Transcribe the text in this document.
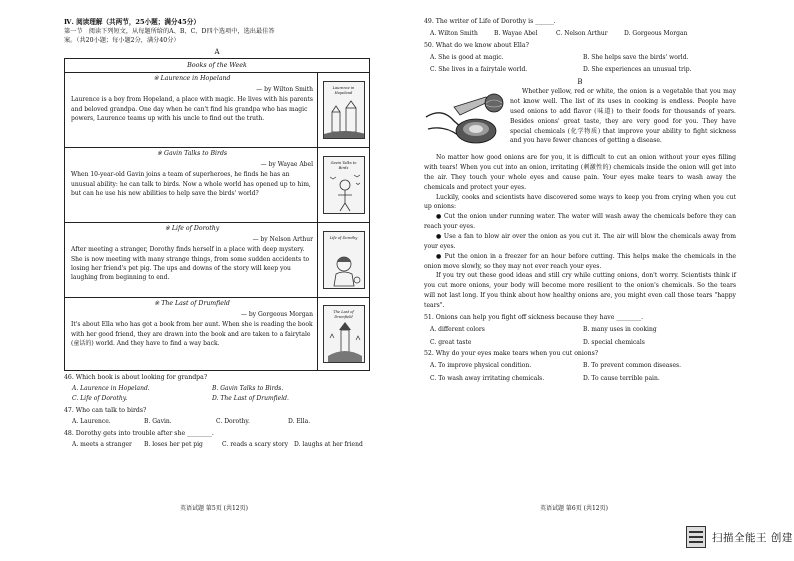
Ⅳ. 阅读理解（共两节，25小题；满分45分）
第一节　阅读下列短文，从每题所给的A、B、C、D四个选项中，选出最佳答
案。（共20小题；每小题2分，满分40分）
A
Books of the Week
※ Laurence in Hopeland
— by Wilton Smith
Laurence is a boy from Hopeland, a place with magic. He lives with his parents and beloved grandpa. One day when he can't find his grandpa who has magic powers, Laurence teams up with his uncle to find out the truth.
Laurence in Hopeland
※ Gavin Talks to Birds
— by Wayae Abel
When 10-year-old Gavin joins a team of superheroes, he finds he has an unusual ability: he can talk to birds. Now a whole world has opened up to him, but can he use his new abilities to help save the birds' world?
Gavin Talks to Birds
※ Life of Dorothy
— by Nelson Arthur
After meeting a stranger, Dorothy finds herself in a place with deep mystery. She is now meeting with many strange things, from some sudden accidents to losing her friend's pet pig. The ups and downs of the story will keep you laughing from beginning to end.
Life of Dorothy
※ The Last of Drumfield
— by Gorgeous Morgan
It's about Ella who has got a book from her aunt. When she is reading the book with her good friend, they are drawn into the book and are taken to a fairytale (童话的) world. And they have to find a way back.
The Last of Drumfield
46. Which book is about looking for grandpa?
A. Laurence in Hopeland.	B. Gavin Talks to Birds.
C. Life of Dorothy.	D. The Last of Drumfield.
47. Who can talk to birds?
A. Laurence.	B. Gavin.	C. Dorothy.	D. Ella.
48. Dorothy gets into trouble after she ________.
A. meets a stranger	B. loses her pet pig	C. reads a scary story D. laughs at her friend
49. The writer of Life of Dorothy is ______.
A. Wilton Smith	B. Wayae Abel	C. Nelson Arthur	D. Gorgeous Morgan
50. What do we know about Ella?
A. She is good at magic.	B. She helps save the birds' world.
C. She lives in a fairytale world.	D. She experiences an unusual trip.
B

Whether yellow, red or white, the onion is a vegetable that you may not know well. The list of its uses in cooking is endless. People have used onions to add flavor (味道) to their foods for thousands of years. Besides onions' great taste, they are very good for you. They have special chemicals (化学物质) that improve your ability to fight sickness and you have fewer chances of getting a disease.

No matter how good onions are for you, it is difficult to cut an onion without your eyes filling with tears! When you cut into an onion, irritating (刺激性的) chemicals inside the onion will get into the air. They touch your whole eyes and cause pain. Your eyes make tears to wash away the chemicals and protect your eyes.

Luckily, cooks and scientists have discovered some ways to keep you from crying when you cut up onions:

● Cut the onion under running water. The water will wash away the chemicals before they can reach your eyes.

● Use a fan to blow air over the onion as you cut it. The air will blow the chemicals away from your eyes.

● Put the onion in a freezer for an hour before cutting. This helps make the chemicals in the onion move slowly, so they may not ever reach your eyes.

If you try out these good ideas and still cry while cutting onions, don't worry. Scientists think if you cut more onions, your body will become more resilient to the onion's chemicals. So the tears will not last long. If you think about how healthy onions are, you might even call those tears "happy tears".

51. Onions can help you fight off sickness because they have ________.
A. different colors	B. many uses in cooking
C. great taste	D. special chemicals
52. Why do your eyes make tears when you cut onions?
A. To improve physical condition.	B. To prevent common diseases.
C. To wash away irritating chemicals.	D. To cause terrible pain.
英语试题 第5页 (共12页)	英语试题 第6页 (共12页)
扫描全能王 创建
